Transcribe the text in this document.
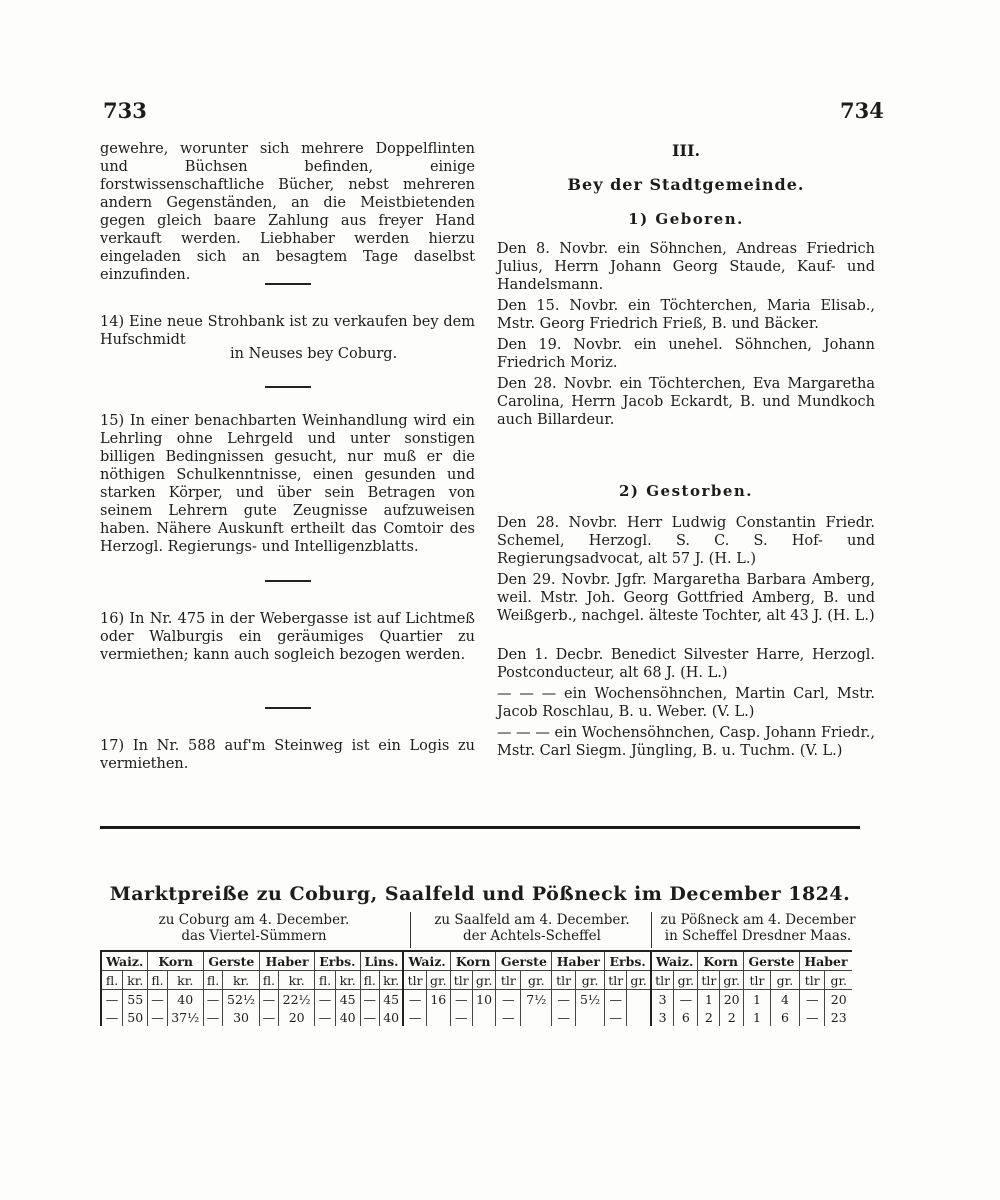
733	734

gewehre, worunter sich mehrere Doppelflinten und Büchsen befinden, einige forstwissenschaftliche Bücher, nebst mehreren andern Gegenständen, an die Meistbietenden gegen gleich baare Zahlung aus freyer Hand verkauft werden. Liebhaber werden hierzu eingeladen sich an besagtem Tage daselbst einzufinden.

14) Eine neue Strohbank ist zu verkaufen bey dem Hufschmidt

in Neuses bey Coburg.

15) In einer benachbarten Weinhandlung wird ein Lehrling ohne Lehrgeld und unter sonstigen billigen Bedingnissen gesucht, nur muß er die nöthigen Schulkenntnisse, einen gesunden und starken Körper, und über sein Betragen von seinem Lehrern gute Zeugnisse aufzuweisen haben. Nähere Auskunft ertheilt das Comtoir des Herzogl. Regierungs- und Intelligenzblatts.

16) In Nr. 475 in der Webergasse ist auf Lichtmeß oder Walburgis ein geräumiges Quartier zu vermiethen; kann auch sogleich bezogen werden.

17) In Nr. 588 auf'm Steinweg ist ein Logis zu vermiethen.

III.
Bey der Stadtgemeinde.
1) Geboren.

Den 8. Novbr. ein Söhnchen, Andreas Friedrich Julius, Herrn Johann Georg Staude, Kauf- und Handelsmann.

Den 15. Novbr. ein Töchterchen, Maria Elisab., Mstr. Georg Friedrich Frieß, B. und Bäcker.

Den 19. Novbr. ein unehel. Söhnchen, Johann Friedrich Moriz.

Den 28. Novbr. ein Töchterchen, Eva Margaretha Carolina, Herrn Jacob Eckardt, B. und Mundkoch auch Billardeur.

2) Gestorben.

Den 28. Novbr. Herr Ludwig Constantin Friedr. Schemel, Herzogl. S. C. S. Hof- und Regierungsadvocat, alt 57 J. (H. L.)

Den 29. Novbr. Jgfr. Margaretha Barbara Amberg, weil. Mstr. Joh. Georg Gottfried Amberg, B. und Weißgerb., nachgel. älteste Tochter, alt 43 J. (H. L.)

Den 1. Decbr. Benedict Silvester Harre, Herzogl. Postconducteur, alt 68 J. (H. L.)

— — — ein Wochensöhnchen, Martin Carl, Mstr. Jacob Roschlau, B. u. Weber. (V. L.)

— — — ein Wochensöhnchen, Casp. Johann Friedr., Mstr. Carl Siegm. Jüngling, B. u. Tuchm. (V. L.)

Marktpreiße zu Coburg, Saalfeld und Pößneck im December 1824.
zu Coburg am 4. December.
das Viertel-Sümmern
zu Saalfeld am 4. December.
der Achtels-Scheffel
zu Pößneck am 4. December
in Scheffel Dresdner Maas.
Waiz.		Korn		Gerste		Haber		Erbs.		Lins.		Waiz.		Korn		Gerste		Haber		Erbs.		Waiz.		Korn		Gerste		Haber	
fl.	kr.	fl.	kr.	fl.	kr.	fl.	kr.	fl.	kr.	fl.	kr.	tlr	gr.	tlr	gr.	tlr	gr.	tlr	gr.	tlr	gr.	tlr	gr.	tlr	gr.	tlr	gr.	tlr	gr.
—	55	—	40	—	52½	—	22½	—	45	—	45	—	16	—	10	—	7½	—	5½	—		3	—	1	20	1	4	—	20
—	50	—	37½	—	30	—	20	—	40	—	40	—		—		—		—		—		3	6	2	2	1	6	—	23
